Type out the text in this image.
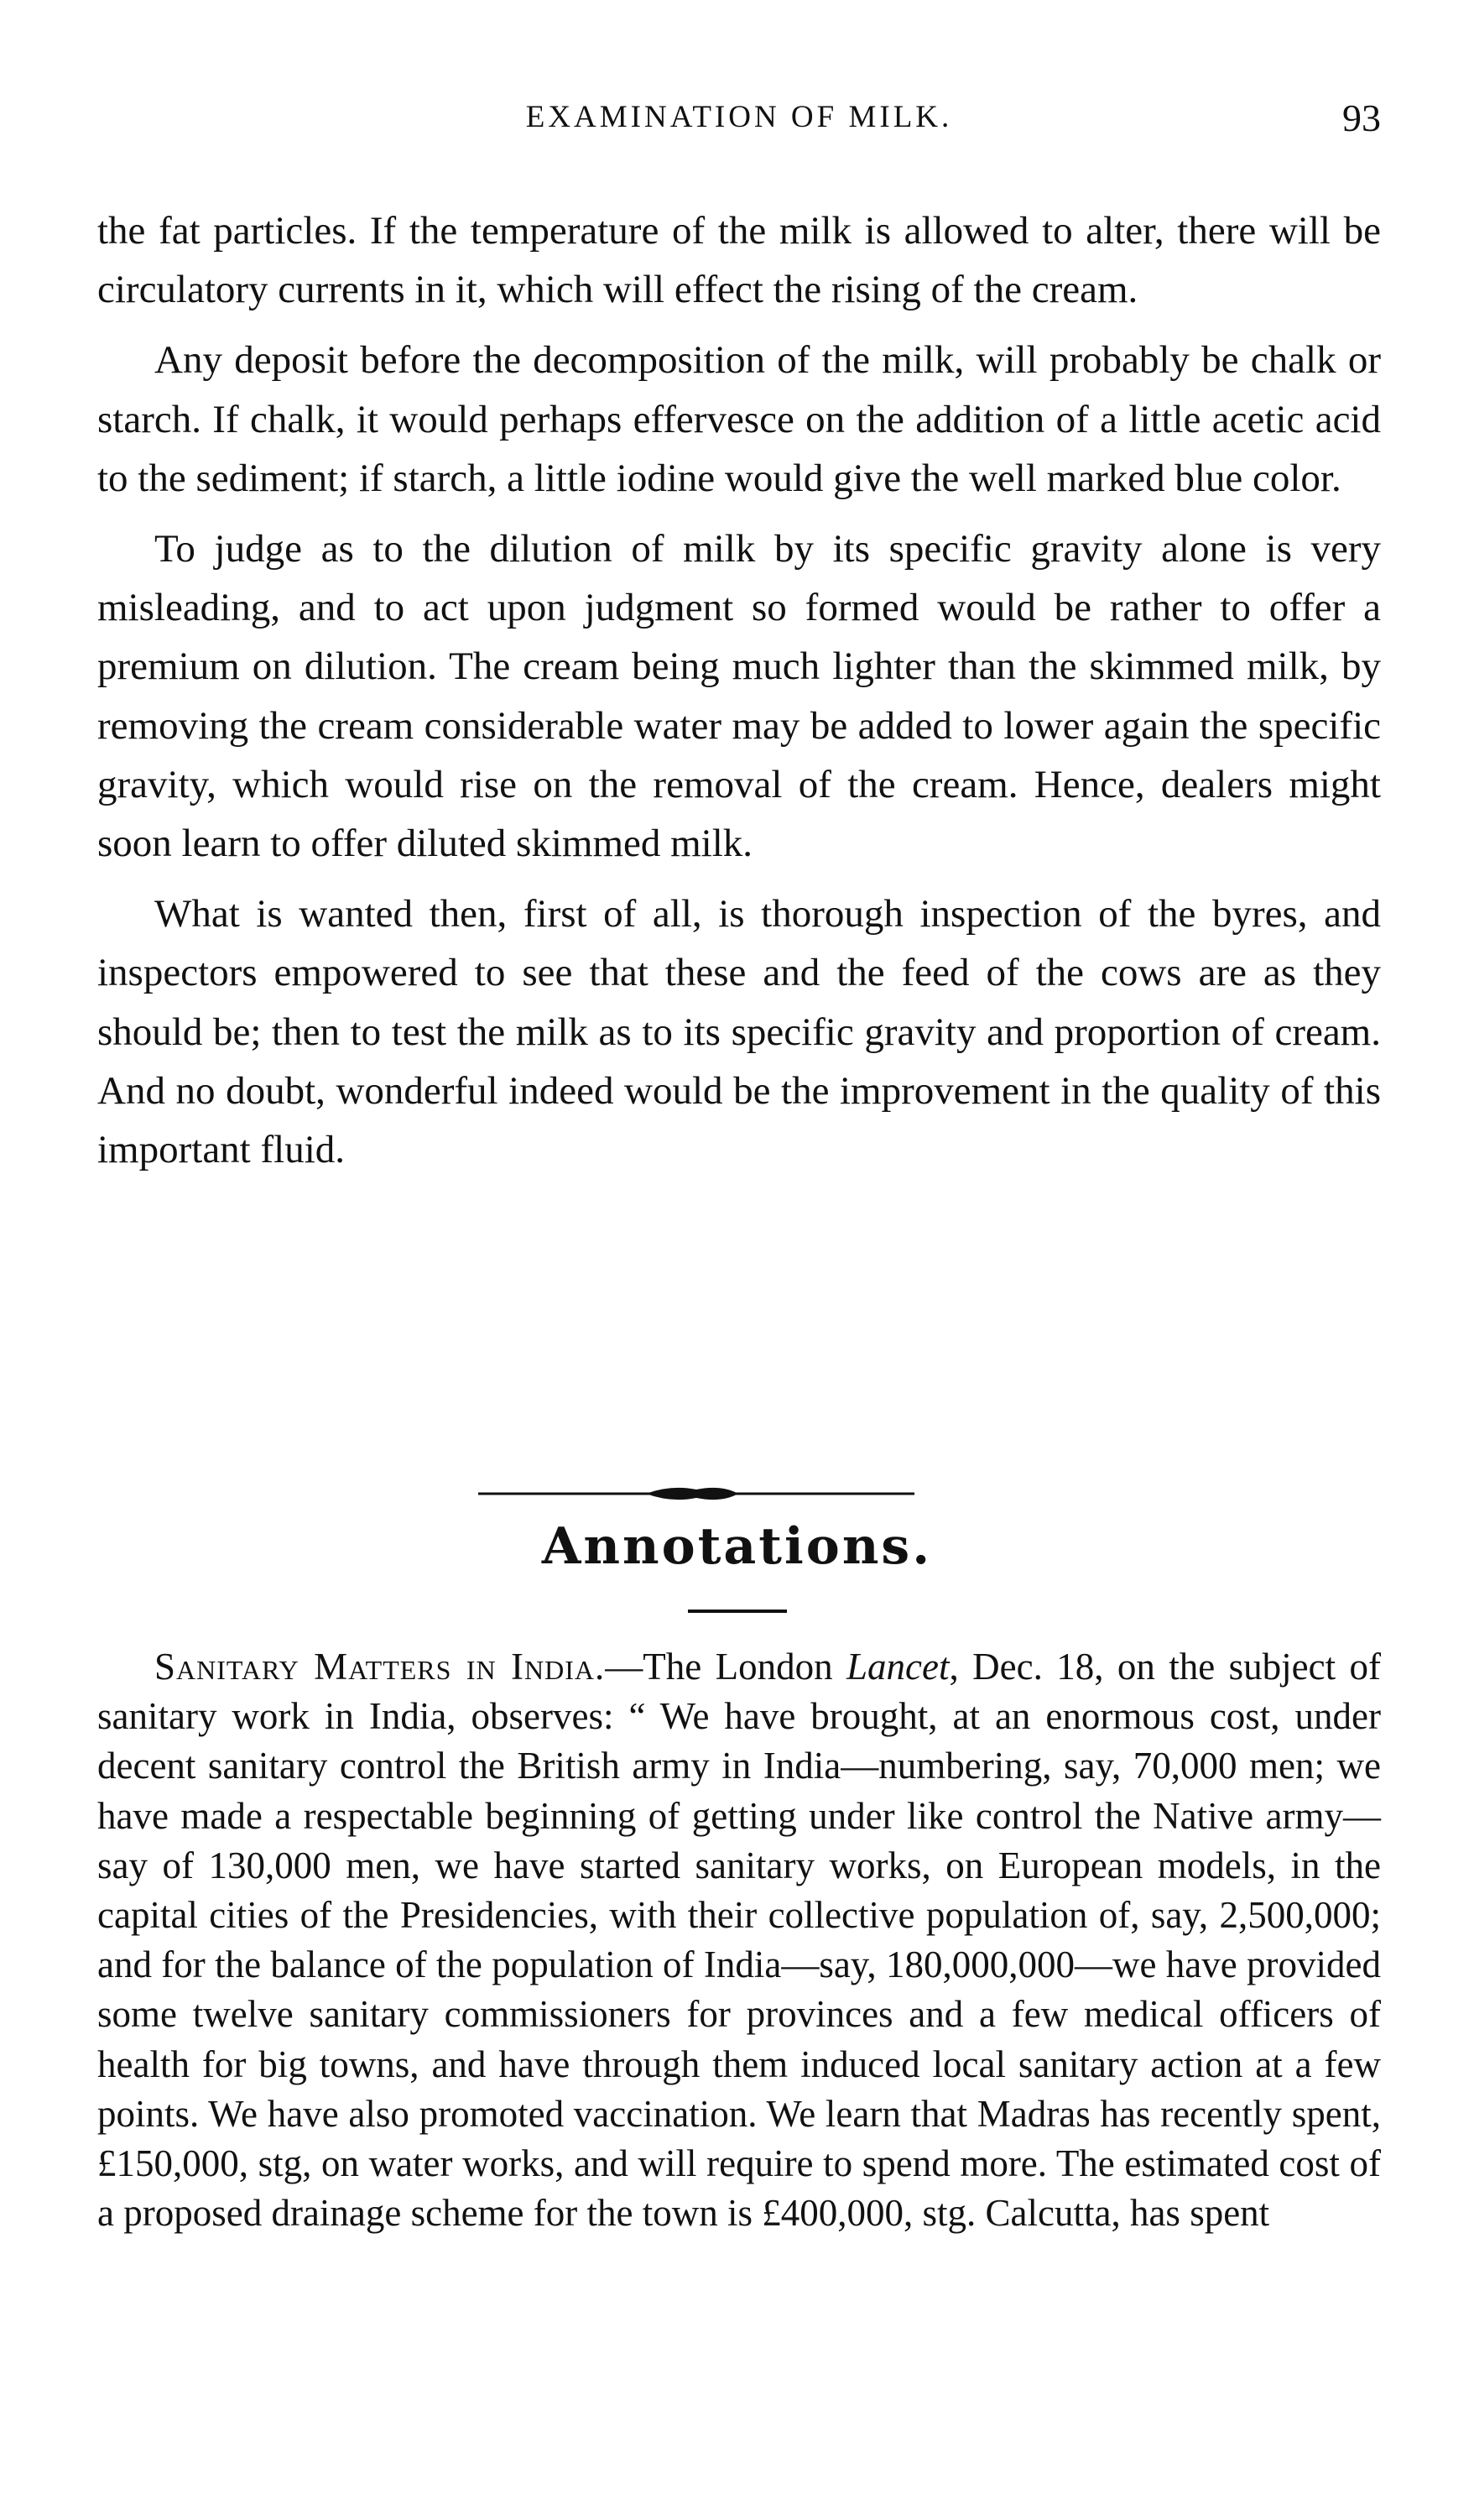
EXAMINATION OF MILK.	93

the fat particles. If the temperature of the milk is allowed to alter, there will be circulatory currents in it, which will effect the rising of the cream.

Any deposit before the decomposition of the milk, will probably be chalk or starch. If chalk, it would perhaps effervesce on the addition of a little acetic acid to the sediment; if starch, a little iodine would give the well marked blue color.

To judge as to the dilution of milk by its specific gravity alone is very misleading, and to act upon judgment so formed would be rather to offer a premium on dilution. The cream being much lighter than the skimmed milk, by removing the cream considerable water may be added to lower again the specific gravity, which would rise on the removal of the cream. Hence, dealers might soon learn to offer diluted skimmed milk.

What is wanted then, first of all, is thorough inspection of the byres, and inspectors empowered to see that these and the feed of the cows are as they should be; then to test the milk as to its specific gravity and proportion of cream. And no doubt, wonderful indeed would be the improvement in the quality of this important fluid.

Annotations.

Sanitary Matters in India.—The London Lancet, Dec. 18, on the subject of sanitary work in India, observes: “ We have brought, at an enormous cost, under decent sanitary control the British army in India—numbering, say, 70,000 men; we have made a respectable beginning of getting under like control the Native army—say of 130,000 men, we have started sanitary works, on European models, in the capital cities of the Presidencies, with their collective population of, say, 2,500,000; and for the balance of the population of India—say, 180,000,000—we have provided some twelve sanitary commissioners for provinces and a few medical officers of health for big towns, and have through them induced local sanitary action at a few points. We have also promoted vaccination. We learn that Madras has recently spent, £150,000, stg, on water works, and will require to spend more. The estimated cost of a proposed drainage scheme for the town is £400,000, stg. Calcutta, has spent
